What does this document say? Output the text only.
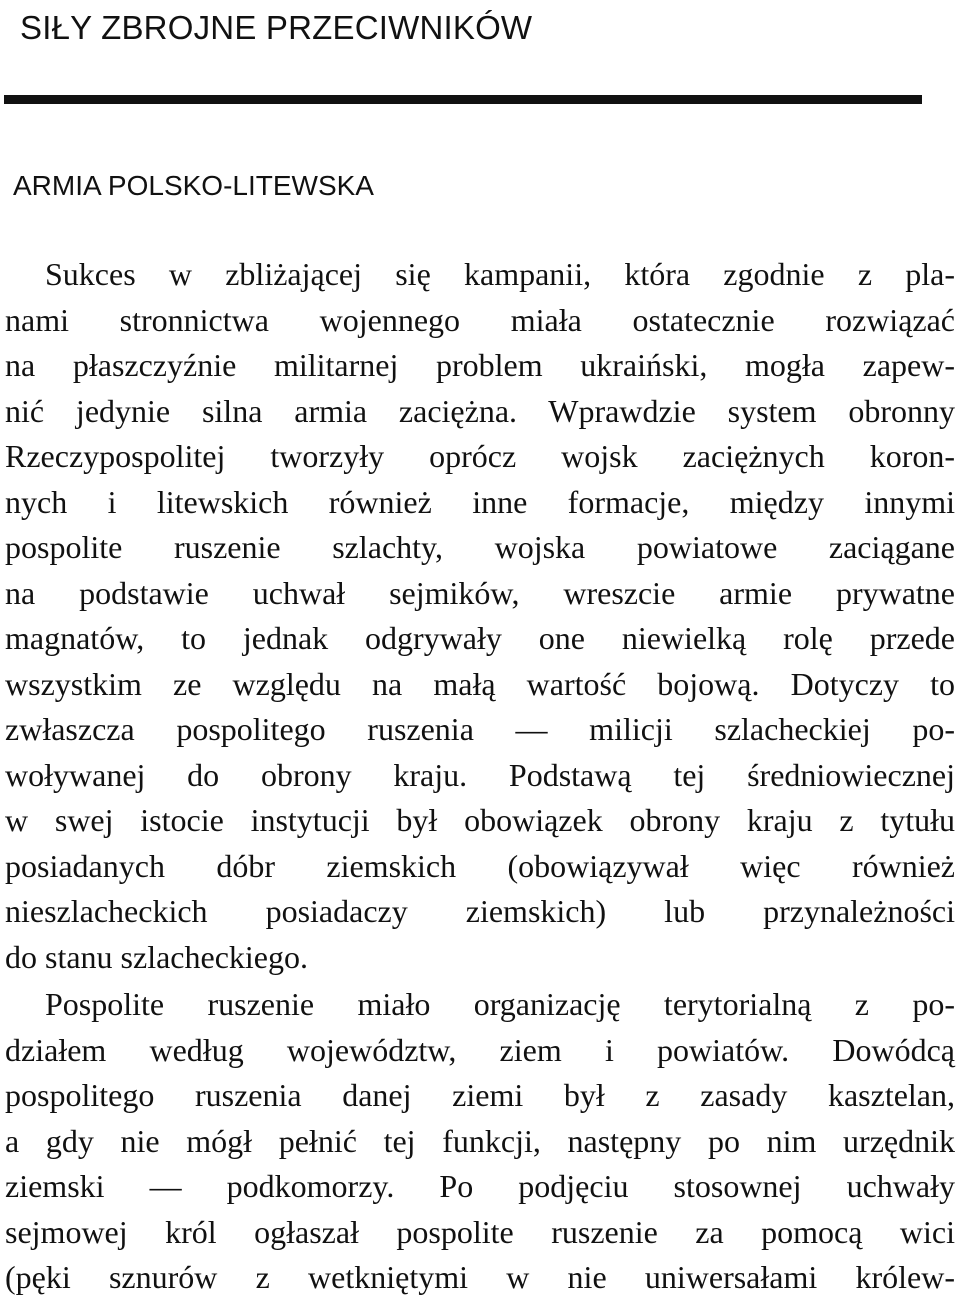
SIŁY ZBROJNE PRZECIWNIKÓW
ARMIA POLSKO-LITEWSKA

Sukces w zbliżającej się kampanii, która zgodnie z pla-
nami stronnictwa wojennego miała ostatecznie rozwiązać
na płaszczyźnie militarnej problem ukraiński, mogła zapew-
nić jedynie silna armia zaciężna. Wprawdzie system obronny
Rzeczypospolitej tworzyły oprócz wojsk zaciężnych koron-
nych i litewskich również inne formacje, między innymi
pospolite ruszenie szlachty, wojska powiatowe zaciągane
na podstawie uchwał sejmików, wreszcie armie prywatne
magnatów, to jednak odgrywały one niewielką rolę przede
wszystkim ze względu na małą wartość bojową. Dotyczy to
zwłaszcza pospolitego ruszenia — milicji szlacheckiej po-
woływanej do obrony kraju. Podstawą tej średniowiecznej
w swej istocie instytucji był obowiązek obrony kraju z tytułu
posiadanych dóbr ziemskich (obowiązywał więc również
nieszlacheckich posiadaczy ziemskich) lub przynależności
do stanu szlacheckiego.

Pospolite ruszenie miało organizację terytorialną z po-
działem według województw, ziem i powiatów. Dowódcą
pospolitego ruszenia danej ziemi był z zasady kasztelan,
a gdy nie mógł pełnić tej funkcji, następny po nim urzędnik
ziemski — podkomorzy. Po podjęciu stosownej uchwały
sejmowej król ogłaszał pospolite ruszenie za pomocą wici
(pęki sznurów z wetkniętymi w nie uniwersałami królew-
